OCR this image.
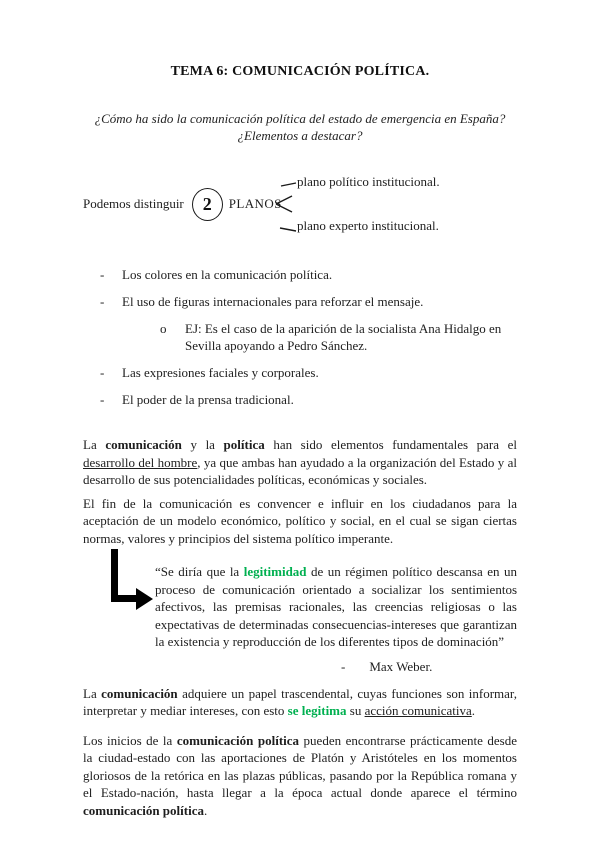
TEMA 6: COMUNICACIÓN POLÍTICA.
¿Cómo ha sido la comunicación política del estado de emergencia en España?
¿Elementos a destacar?
Podemos distinguir	2	PLANOS
plano político institucional.
plano experto institucional.
-	Los colores en la comunicación política.
-	El uso de figuras internacionales para reforzar el mensaje.
o	EJ: Es el caso de la aparición de la socialista Ana Hidalgo en Sevilla apoyando a Pedro Sánchez.
-	Las expresiones faciales y corporales.
-	El poder de la prensa tradicional.

La comunicación y la política han sido elementos fundamentales para el desarrollo del hombre, ya que ambas han ayudado a la organización del Estado y al desarrollo de sus potencialidades políticas, económicas y sociales.

El fin de la comunicación es convencer e influir en los ciudadanos para la aceptación de un modelo económico, político y social, en el cual se sigan ciertas normas, valores y principios del sistema político imperante.

“Se diría que la legitimidad de un régimen político descansa en un proceso de comunicación orientado a socializar los sentimientos afectivos, las premisas racionales, las creencias religiosas o las expectativas de determinadas consecuencias-intereses que garantizan la existencia y reproducción de los diferentes tipos de dominación”

- Max Weber.

La comunicación adquiere un papel trascendental, cuyas funciones son informar, interpretar y mediar intereses, con esto se legitima su acción comunicativa.

Los inicios de la comunicación política pueden encontrarse prácticamente desde la ciudad-estado con las aportaciones de Platón y Aristóteles en los momentos gloriosos de la retórica en las plazas públicas, pasando por la República romana y el Estado-nación, hasta llegar a la época actual donde aparece el término comunicación política.
